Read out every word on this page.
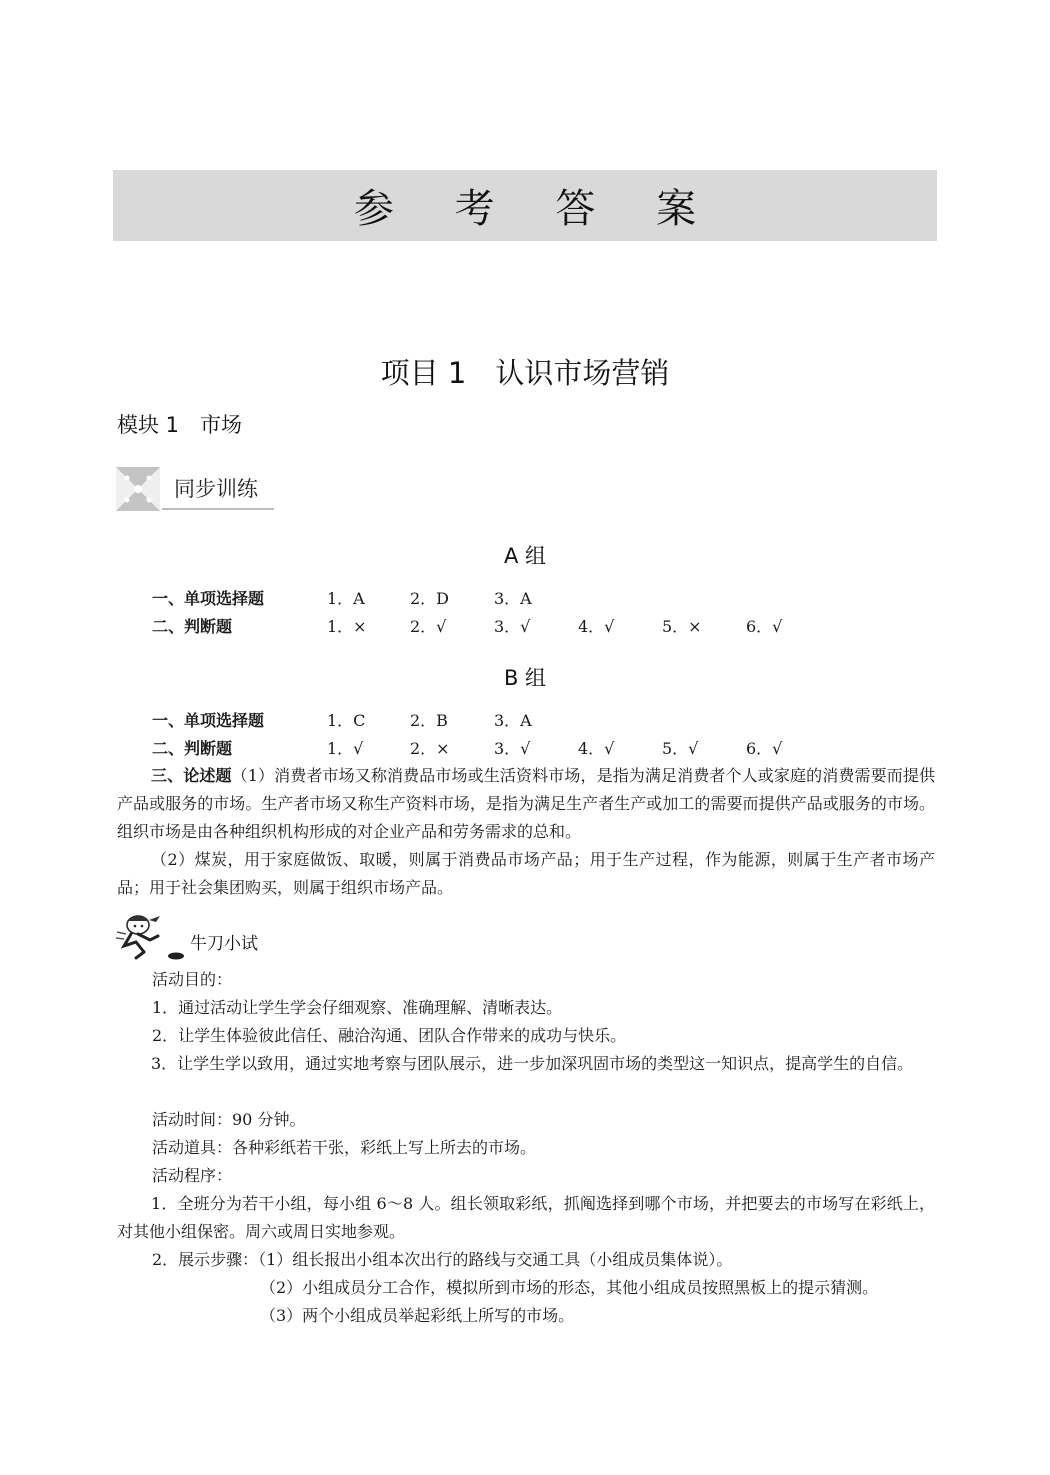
参 考 答 案
项目 1　认识市场营销
模块 1　市场
同步训练
A 组
一、单项选择题	1．A	2．D	3．A
二、判断题	1．×	2．√	3．√	4．√	5．×	6．√
B 组
一、单项选择题	1．C	2．B	3．A
二、判断题	1．√	2．×	3．√	4．√	5．√	6．√
三、论述题（1）消费者市场又称消费品市场或生活资料市场，是指为满足消费者个人或家庭的消费需要而提供产品或服务的市场。生产者市场又称生产资料市场，是指为满足生产者生产或加工的需要而提供产品或服务的市场。组织市场是由各种组织机构形成的对企业产品和劳务需求的总和。
（2）煤炭，用于家庭做饭、取暖，则属于消费品市场产品；用于生产过程，作为能源，则属于生产者市场产品；用于社会集团购买，则属于组织市场产品。
牛刀小试
活动目的：
1．通过活动让学生学会仔细观察、准确理解、清晰表达。
2．让学生体验彼此信任、融洽沟通、团队合作带来的成功与快乐。
3．让学生学以致用，通过实地考察与团队展示，进一步加深巩固市场的类型这一知识点，提高学生的自信。
活动时间：90 分钟。
活动道具：各种彩纸若干张，彩纸上写上所去的市场。
活动程序：
1．全班分为若干小组，每小组 6～8 人。组长领取彩纸，抓阄选择到哪个市场，并把要去的市场写在彩纸上，对其他小组保密。周六或周日实地参观。
2．展示步骤：（1）组长报出小组本次出行的路线与交通工具（小组成员集体说）。
（2）小组成员分工合作，模拟所到市场的形态，其他小组成员按照黑板上的提示猜测。
（3）两个小组成员举起彩纸上所写的市场。
